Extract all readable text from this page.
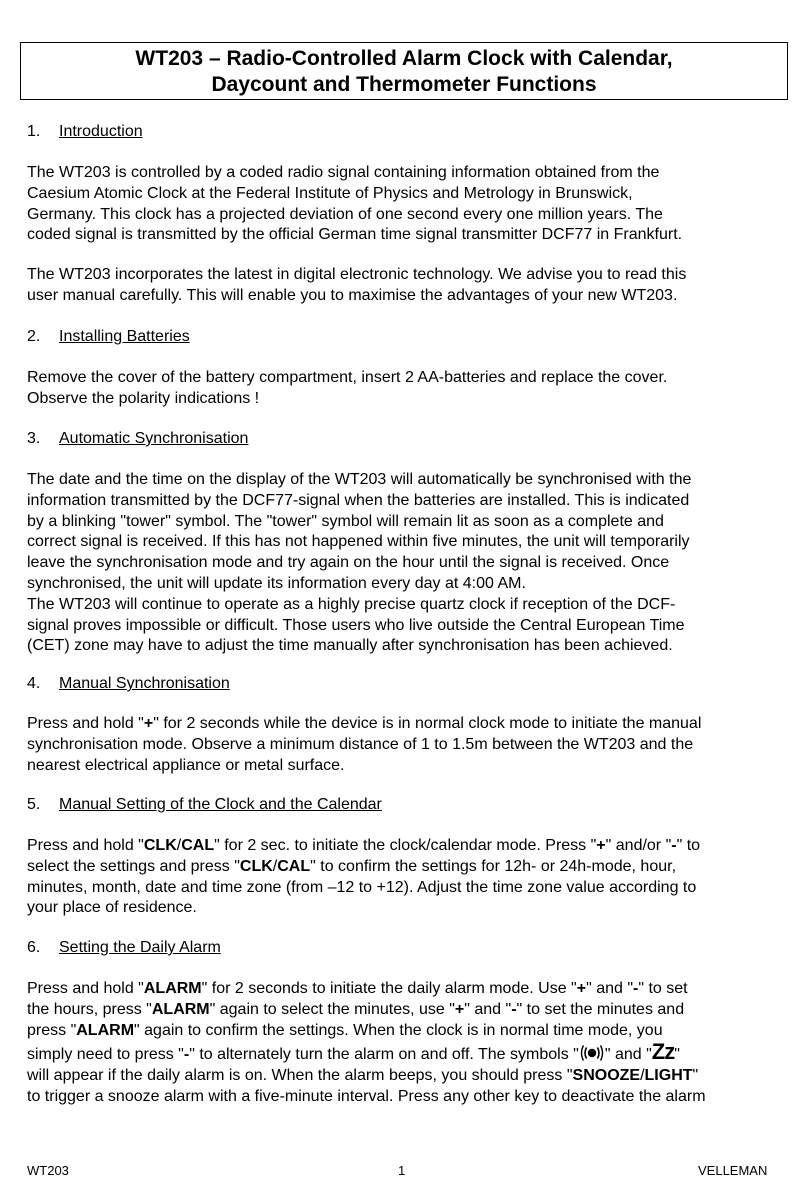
WT203 – Radio-Controlled Alarm Clock with Calendar,
Daycount and Thermometer Functions
1. Introduction

The WT203 is controlled by a coded radio signal containing information obtained from the

Caesium Atomic Clock at the Federal Institute of Physics and Metrology in Brunswick,

Germany. This clock has a projected deviation of one second every one million years. The

coded signal is transmitted by the official German time signal transmitter DCF77 in Frankfurt.

The WT203 incorporates the latest in digital electronic technology. We advise you to read this

user manual carefully. This will enable you to maximise the advantages of your new WT203.

2. Installing Batteries

Remove the cover of the battery compartment, insert 2 AA-batteries and replace the cover.

Observe the polarity indications !

3. Automatic Synchronisation

The date and the time on the display of the WT203 will automatically be synchronised with the

information transmitted by the DCF77-signal when the batteries are installed. This is indicated

by a blinking "tower" symbol. The "tower" symbol will remain lit as soon as a complete and

correct signal is received. If this has not happened within five minutes, the unit will temporarily

leave the synchronisation mode and try again on the hour until the signal is received. Once

synchronised, the unit will update its information every day at 4:00 AM.

The WT203 will continue to operate as a highly precise quartz clock if reception of the DCF-

signal proves impossible or difficult. Those users who live outside the Central European Time

(CET) zone may have to adjust the time manually after synchronisation has been achieved.

4. Manual Synchronisation

Press and hold "+" for 2 seconds while the device is in normal clock mode to initiate the manual

synchronisation mode. Observe a minimum distance of 1 to 1.5m between the WT203 and the

nearest electrical appliance or metal surface.

5. Manual Setting of the Clock and the Calendar

Press and hold "CLK/CAL" for 2 sec. to initiate the clock/calendar mode. Press "+" and/or "-" to

select the settings and press "CLK/CAL" to confirm the settings for 12h- or 24h-mode, hour,

minutes, month, date and time zone (from –12 to +12). Adjust the time zone value according to

your place of residence.

6. Setting the Daily Alarm

Press and hold "ALARM" for 2 seconds to initiate the daily alarm mode. Use "+" and "-" to set

the hours, press "ALARM" again to select the minutes, use "+" and "-" to set the minutes and

press "ALARM" again to confirm the settings. When the clock is in normal time mode, you

simply need to press "-" to alternately turn the alarm on and off. The symbols " " and "Zz"

will appear if the daily alarm is on. When the alarm beeps, you should press "SNOOZE/LIGHT"

to trigger a snooze alarm with a five-minute interval. Press any other key to deactivate the alarm

WT203	1	VELLEMAN
